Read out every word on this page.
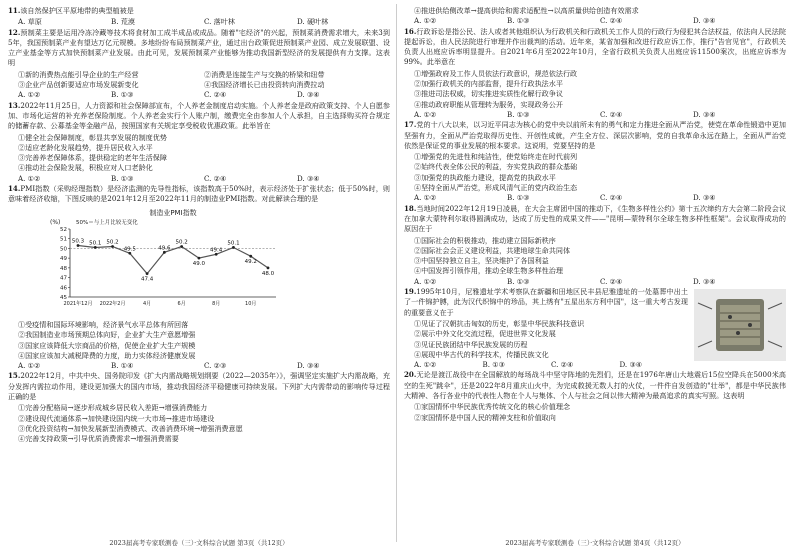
11.该自然保护区平原地带的典型植被是
A. 草原	B. 荒漠	C. 落叶林	D. 硬叶林
12.预制菜主要是运用冷冻冷藏等技术将食材加工成半成品或成品。随着"宅经济"的兴起，预制菜消费需求增大，未来3到5年，我国预制菜产业有望达万亿元规模。多地纷纷布局预制菜产业，通过出台政策促进预制菜产业园、成立发展联盟、设立产业基金等方式加快预制菜产业发展。由此可见，发展预制菜产业能够为推动我国新型经济的发展提供有力支撑。这表明
①新的消费热点能引导企业的生产经营	②消费是连接生产与交换的桥梁和纽带
③企业产品创新要适应市场发展新变化	④我国经济增长已由投资转向消费拉动
A. ①②	B. ①③	C. ②④	D. ③④
13.2022年11月25日，人力资源和社会保障部宣布，个人养老金制度启动实施。个人养老金是政府政策支持、个人自愿参加、市场化运营的补充养老保险制度。个人养老金实行个人账户制，缴费完全由参加人个人承担，自主选择购买符合规定的储蓄存款、公募基金等金融产品，按照国家有关规定享受税收优惠政策。此举旨在
①健全社会保障制度，彰显共享发展的制度优势
②适应老龄化发展趋势，提升居民收入水平
③完善养老保障体系，提供稳定的老年生活保障
④推动社会保险发展，积极应对人口老龄化
A. ①②	B. ①③	C. ②④	D. ③④
14.PMI指数（采购经理指数）是经济监测的先导性指标，该指数高于50%时，表示经济处于扩张状态；低于50%时，则意味着经济收缩，下图反映的是2021年12月至2022年11月的制造业PMI指数。对此解读合理的是
制造业PMI指数
(%)	50%＝与上月比较无变化
45
46
47
48
49
50
51
52
50.3 50.1 50.2
49.5
47.4
49.6
50.2
49.0
49.4
50.1
49.2
48.0
2021年12月 2022年2月	4月	6月	8月	10月
①受疫情和国际环境影响，经济景气水平总体有所回落
②我国制造业市场预期总体向好，企业扩大生产意愿增强
③国家应该降低大宗商品的价格，促使企业扩大生产规模
④国家应该加大减税降费的力度，助力实体经济健康发展
A. ①②	B. ①④	C. ②③	D. ③④
15.2022年12月，中共中央、国务院印发《扩大内需战略规划纲要（2022—2035年）》，强调坚定实施扩大内需战略，充分发挥内需拉动作用，建设更加强大的国内市场，推动我国经济平稳健康可持续发展。下列扩大内需带动的影响传导过程正确的是
①完善分配格局→逐步形成城乡居民收入差距→增强消费能力
②建设现代流通体系→加快建设国内统一大市场→推进市场建设
③优化投资结构→加快发展新型消费模式、改善消费环境→增强消费意愿
④完善支持政策→引导优质消费需求→增强消费需要
2023届高考专家联测卷（三）·文科综合试题 第3页（共12页）
④推进供给侧改革→提高供给和需求适配性→以高质量供给创造有效需求
A. ①②	B. ①③	C. ②④	D. ③④
16.行政诉讼是指公民、法人或者其他组织认为行政机关和行政机关工作人员的行政行为侵犯其合法权益，依法向人民法院提起诉讼，由人民法院进行审理并作出裁判的活动。近年来，某省加强和改进行政应诉工作，推行"告官见官"，行政机关负责人出庭应诉率明显提升。自2021年6月至2022年10月，全省行政机关负责人出庭应诉11500案次，出庭应诉率为99%。此举意在
①增强政府及工作人员依法行政意识，规范依法行政
②加强行政机关的内部监督，提升行政执法水平
③推进司法权威，切实推进实质性化解行政争议
④推动政府职能从管理转为服务，实现政务公开
A. ①②	B. ①③	C. ②④	D. ③④
17.党的十八大以来，以习近平同志为核心的党中央以前所未有的勇气和定力推进全面从严治党，使党在革命性锻造中更加坚强有力，全面从严治党取得历史性、开创性成就，产生全方位、深层次影响，党的自我革命永远在路上，全面从严治党依然是保证党的事业发展的根本要求。这说明，党要坚持的是
①增强党的先进性和纯洁性，使党始终走在时代前列
②始终代表全体公民的利益，夯实党执政的群众基础
③加强党的执政能力建设，提高党的执政水平
④坚持全面从严治党，形成风清气正的党内政治生态
A. ①②	B. ①③	C. ②④	D. ③④
18.当地时间2022年12月19日凌晨，在大会主席团中国的推动下，《生物多样性公约》第十五次缔约方大会第二阶段会议在加拿大蒙特利尔取得圆满成功，达成了历史性的成果文件——"昆明—蒙特利尔全球生物多样性框架"。会议取得成功的原因在于
①国际社会的积极推动，推动建立国际新秩序
②国际社会会正义建设利益，共建地球生命共同体
③中国坚持独立自主，坚决维护了各国利益
④中国发挥引领作用，推动全球生物多样性治理
A. ①②	B. ①③	C. ②④	D. ③④
19.1995年10月，尼雅遗址学术考察队在新疆和田地区民丰县尼雅遗址的一处墓葬中出土了一件锦护膊，此为汉代织锦中的珍品，其上绣有"五星出东方利中国"，这一重大考古发现的重要意义在于
①见证了汉朝抗击匈奴的历史，彰显中华民族科技意识
②展示中外文化交流过程，促进世界文化发展
③见证民族团结中华民族发展的历程
④展现中华古代的科学技术，传播民族文化
A. ①②	B. ①③	C. ②④	D. ③④
20.无论是渡江战役中在全国解放的每场战斗中坚守阵地的先烈们，还是在1976年唐山大地震后15位空降兵在5000米高空的生死"跳伞"，还是2022年8月重庆山火中，为完成救援无数人打的火仗，一件件自发创造的"壮举"，都是中华民族伟大精神、各行各业中的代表性人物在个人与集体、个人与社会之间以伟大精神为最高追求的真实写照。这表明
①家国情怀中华民族优秀传统文化的核心价值理念
②家国情怀是中国人民的精神支柱和价值取向
2023届高考专家联测卷（三）·文科综合试题 第4页（共12页）
